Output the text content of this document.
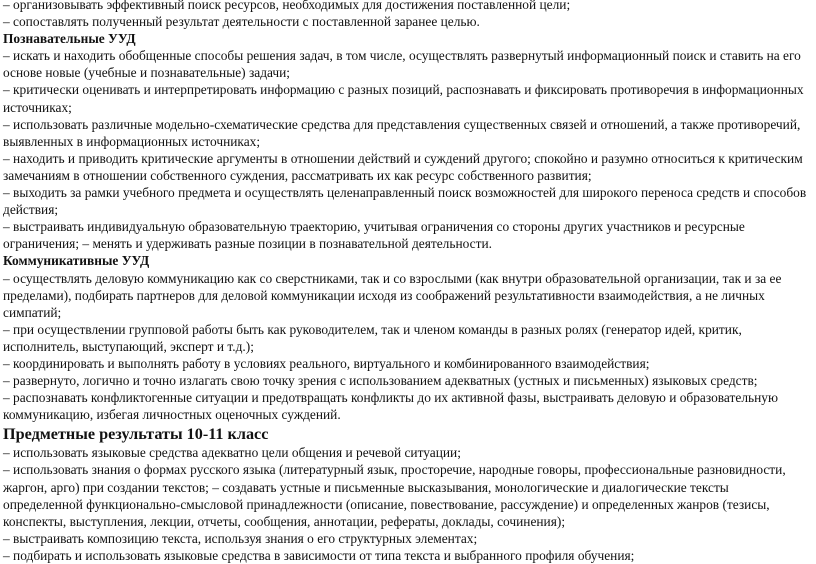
– организовывать эффективный поиск ресурсов, необходимых для достижения поставленной цели;

– сопоставлять полученный результат деятельности с поставленной заранее целью.

Познавательные УУД

– искать и находить обобщенные способы решения задач, в том числе, осуществлять развернутый информационный поиск и ставить на его основе новые (учебные и познавательные) задачи;

– критически оценивать и интерпретировать информацию с разных позиций, распознавать и фиксировать противоречия в информационных источниках;

– использовать различные модельно-схематические средства для представления существенных связей и отношений, а также противоречий, выявленных в информационных источниках;

– находить и приводить критические аргументы в отношении действий и суждений другого; спокойно и разумно относиться к критическим замечаниям в отношении собственного суждения, рассматривать их как ресурс собственного развития;

– выходить за рамки учебного предмета и осуществлять целенаправленный поиск возможностей для широкого переноса средств и способов действия;

– выстраивать индивидуальную образовательную траекторию, учитывая ограничения со стороны других участников и ресурсные ограничения; – менять и удерживать разные позиции в познавательной деятельности.

Коммуникативные УУД

– осуществлять деловую коммуникацию как со сверстниками, так и со взрослыми (как внутри образовательной организации, так и за ее пределами), подбирать партнеров для деловой коммуникации исходя из соображений результативности взаимодействия, а не личных симпатий;

– при осуществлении групповой работы быть как руководителем, так и членом команды в разных ролях (генератор идей, критик, исполнитель, выступающий, эксперт и т.д.);

– координировать и выполнять работу в условиях реального, виртуального и комбинированного взаимодействия;

– развернуто, логично и точно излагать свою точку зрения с использованием адекватных (устных и письменных) языковых средств;

– распознавать конфликтогенные ситуации и предотвращать конфликты до их активной фазы, выстраивать деловую и образовательную коммуникацию, избегая личностных оценочных суждений.

Предметные результаты 10-11 класс

– использовать языковые средства адекватно цели общения и речевой ситуации;

– использовать знания о формах русского языка (литературный язык, просторечие, народные говоры, профессиональные разновидности, жаргон, арго) при создании текстов; – создавать устные и письменные высказывания, монологические и диалогические тексты определенной функционально-смысловой принадлежности (описание, повествование, рассуждение) и определенных жанров (тезисы, конспекты, выступления, лекции, отчеты, сообщения, аннотации, рефераты, доклады, сочинения);

– выстраивать композицию текста, используя знания о его структурных элементах;

– подбирать и использовать языковые средства в зависимости от типа текста и выбранного профиля обучения;
